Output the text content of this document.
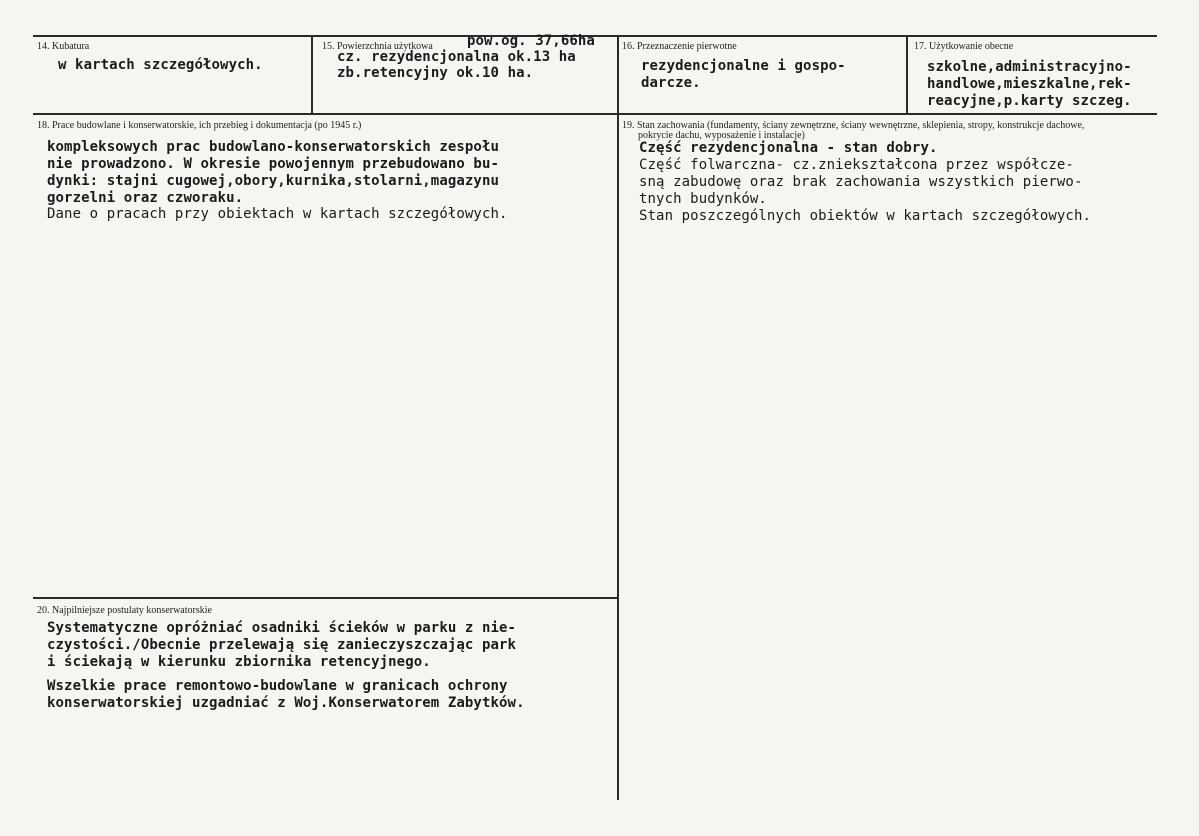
14. Kubatura
w kartach szczegółowych.
15. Powierzchnia użytkowa pow.og. 37,66ha
cz. rezydencjonalna ok.13 ha
zb.retencyjny ok.10 ha.
16. Przeznaczenie pierwotne
rezydencjonalne i gospo-
darcze.
17. Użytkowanie obecne
szkolne,administracyjno-
handlowe,mieszkalne,rek-
reacyjne,p.karty szczeg.
18. Prace budowlane i konserwatorskie, ich przebieg i dokumentacja (po 1945 r.)
kompleksowych prac budowlano-konserwatorskich zespołu
nie prowadzono. W okresie powojennym przebudowano bu-
dynki: stajni cugowej,obory,kurnika,stolarni,magazynu
gorzelni oraz czworaku.
Dane o pracach przy obiektach w kartach szczegółowych.
19. Stan zachowania (fundamenty, ściany zewnętrzne, ściany wewnętrzne, sklepienia, stropy, konstrukcje dachowe,
pokrycie dachu, wyposażenie i instalacje)
Część rezydencjonalna - stan dobry.
Część folwarczna- cz.zniekształcona przez współcze-
sną zabudowę oraz brak zachowania wszystkich pierwo-
tnych budynków.
Stan poszczególnych obiektów w kartach szczegółowych.
20. Najpilniejsze postulaty konserwatorskie
Systematyczne opróżniać osadniki ścieków w parku z nie-
czystości./Obecnie przelewają się zanieczyszczając park
i ściekają w kierunku zbiornika retencyjnego.
Wszelkie prace remontowo-budowlane w granicach ochrony
konserwatorskiej uzgadniać z Woj.Konserwatorem Zabytków.
